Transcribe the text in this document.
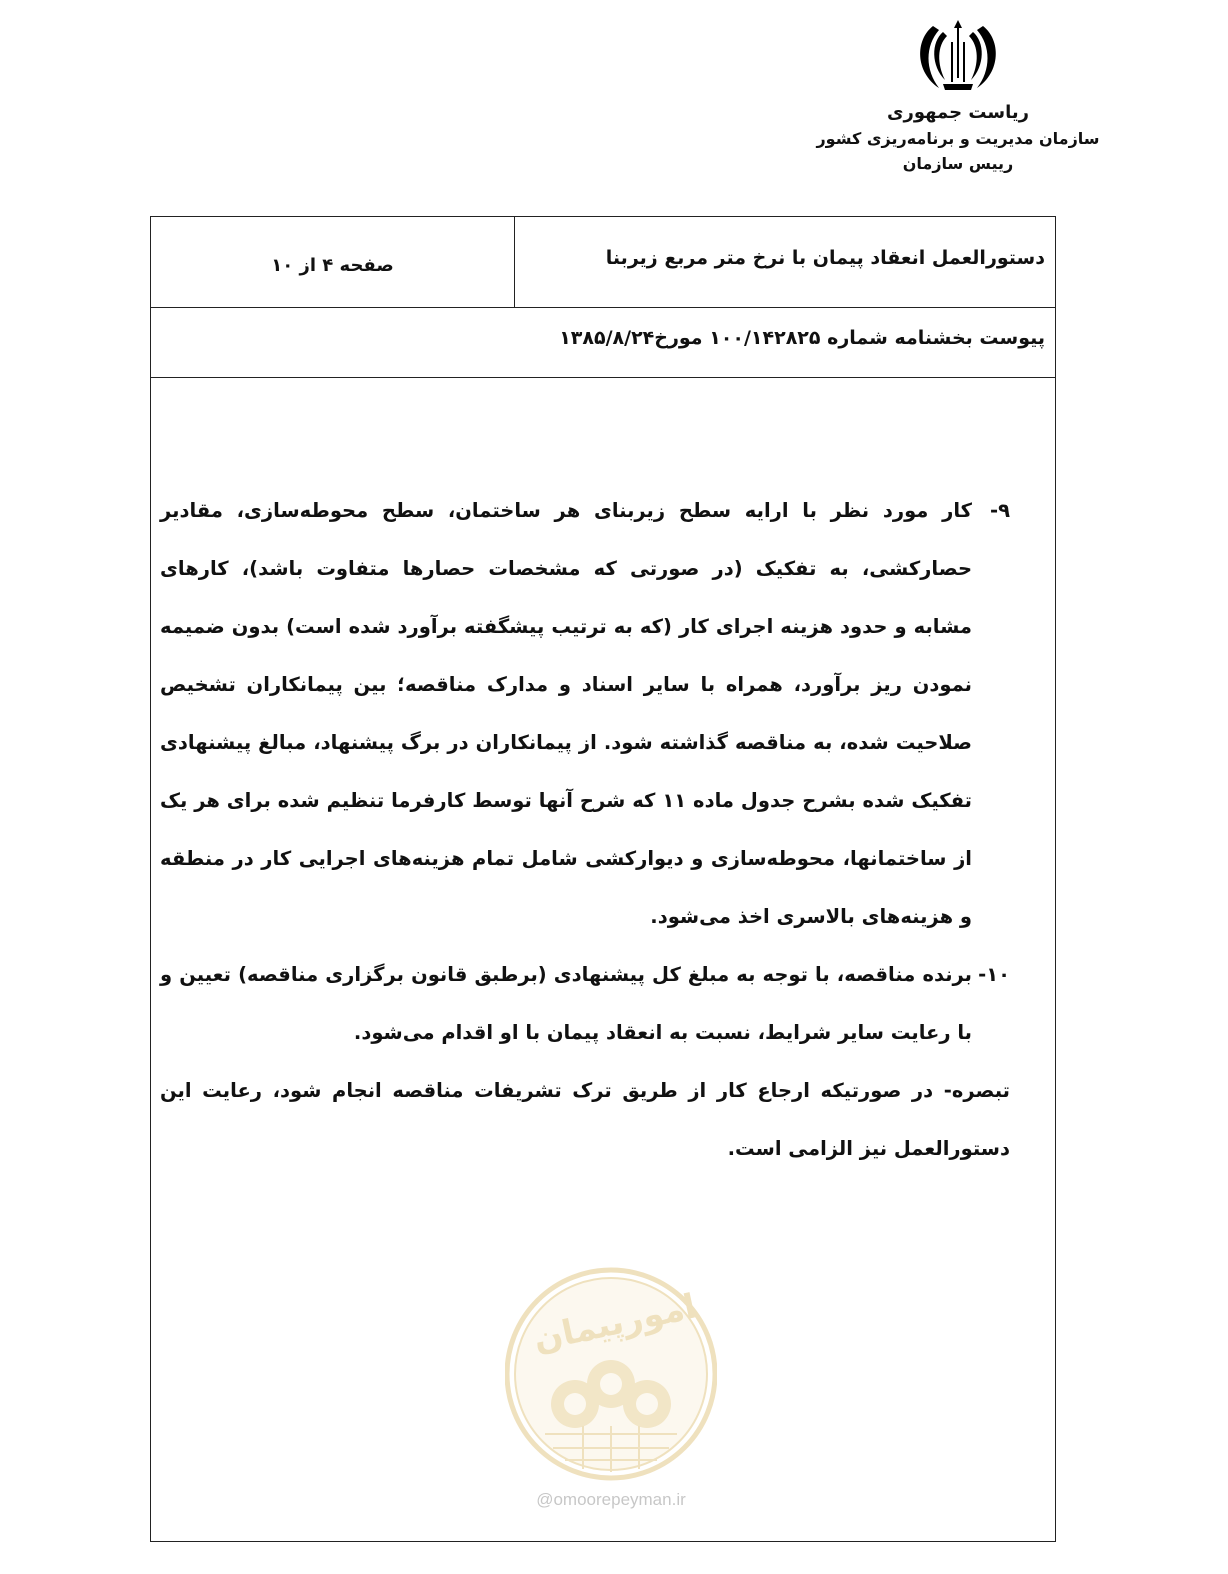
ریاست جمهوری
سازمان مدیریت و برنامه‌ریزی کشور
رییس سازمان
دستورالعمل انعقاد پیمان با نرخ متر مربع زیربنا
صفحه ۴ از ۱۰
پیوست بخشنامه شماره ۱۰۰/۱۴۲۸۲۵ مورخ۱۳۸۵/۸/۲۴

۹-کار مورد نظر با ارایه سطح زیربنای هر ساختمان، سطح محوطه‌سازی، مقادیر حصارکشی، به تفکیک (در صورتی که مشخصات حصارها متفاوت باشد)، کارهای مشابه و حدود هزینه اجرای کار (که به ترتیب پیشگفته برآورد شده است) بدون ضمیمه نمودن ریز برآورد، همراه با سایر اسناد و مدارک مناقصه؛ بین پیمانکاران تشخیص صلاحیت شده، به مناقصه گذاشته شود. از پیمانکاران در برگ پیشنهاد، مبالغ پیشنهادی تفکیک شده بشرح جدول ماده ۱۱ که شرح آنها توسط کارفرما تنظیم شده برای هر یک از ساختمانها، محوطه‌سازی و دیوارکشی شامل تمام هزینه‌های اجرایی کار در منطقه و هزینه‌های بالاسری اخذ می‌شود.

۱۰-برنده مناقصه، با توجه به مبلغ کل پیشنهادی (برطبق قانون برگزاری مناقصه) تعیین و با رعایت سایر شرایط، نسبت به انعقاد پیمان با او اقدام می‌شود.

تبصره- در صورتیکه ارجاع کار از طریق ترک تشریفات مناقصه انجام شود، رعایت این دستورالعمل نیز الزامی است.

امورپیمان
@omoorepeyman.ir
